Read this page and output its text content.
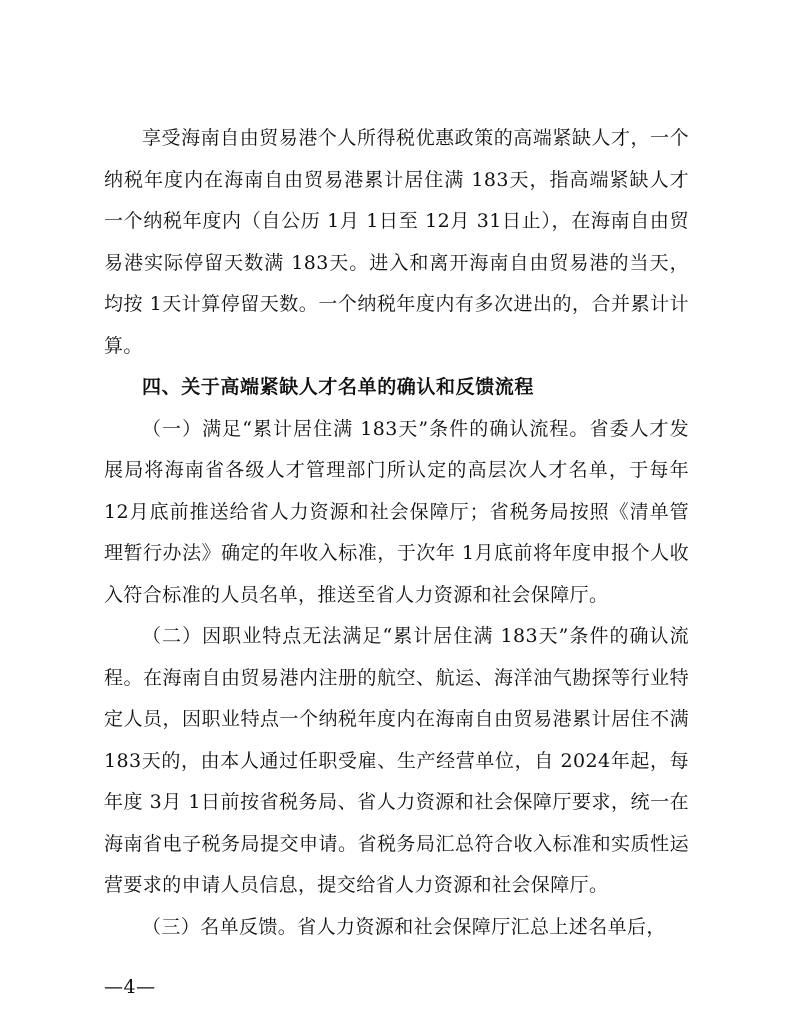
享受海南自由贸易港个人所得税优惠政策的高端紧缺人才，一个纳税年度内在海南自由贸易港累计居住满 183天，指高端紧缺人才一个纳税年度内（自公历 1月 1日至 12月 31日止），在海南自由贸易港实际停留天数满 183天。进入和离开海南自由贸易港的当天，均按 1天计算停留天数。一个纳税年度内有多次进出的，合并累计计算。

四、关于高端紧缺人才名单的确认和反馈流程

（一）满足“累计居住满 183天”条件的确认流程。省委人才发展局将海南省各级人才管理部门所认定的高层次人才名单，于每年 12月底前推送给省人力资源和社会保障厅；省税务局按照《清单管理暂行办法》确定的年收入标准，于次年 1月底前将年度申报个人收入符合标准的人员名单，推送至省人力资源和社会保障厅。

（二）因职业特点无法满足“累计居住满 183天”条件的确认流程。在海南自由贸易港内注册的航空、航运、海洋油气勘探等行业特定人员，因职业特点一个纳税年度内在海南自由贸易港累计居住不满 183天的，由本人通过任职受雇、生产经营单位，自 2024年起，每年度 3月 1日前按省税务局、省人力资源和社会保障厅要求，统一在海南省电子税务局提交申请。省税务局汇总符合收入标准和实质性运营要求的申请人员信息，提交给省人力资源和社会保障厅。

（三）名单反馈。省人力资源和社会保障厅汇总上述名单后，

—4—
